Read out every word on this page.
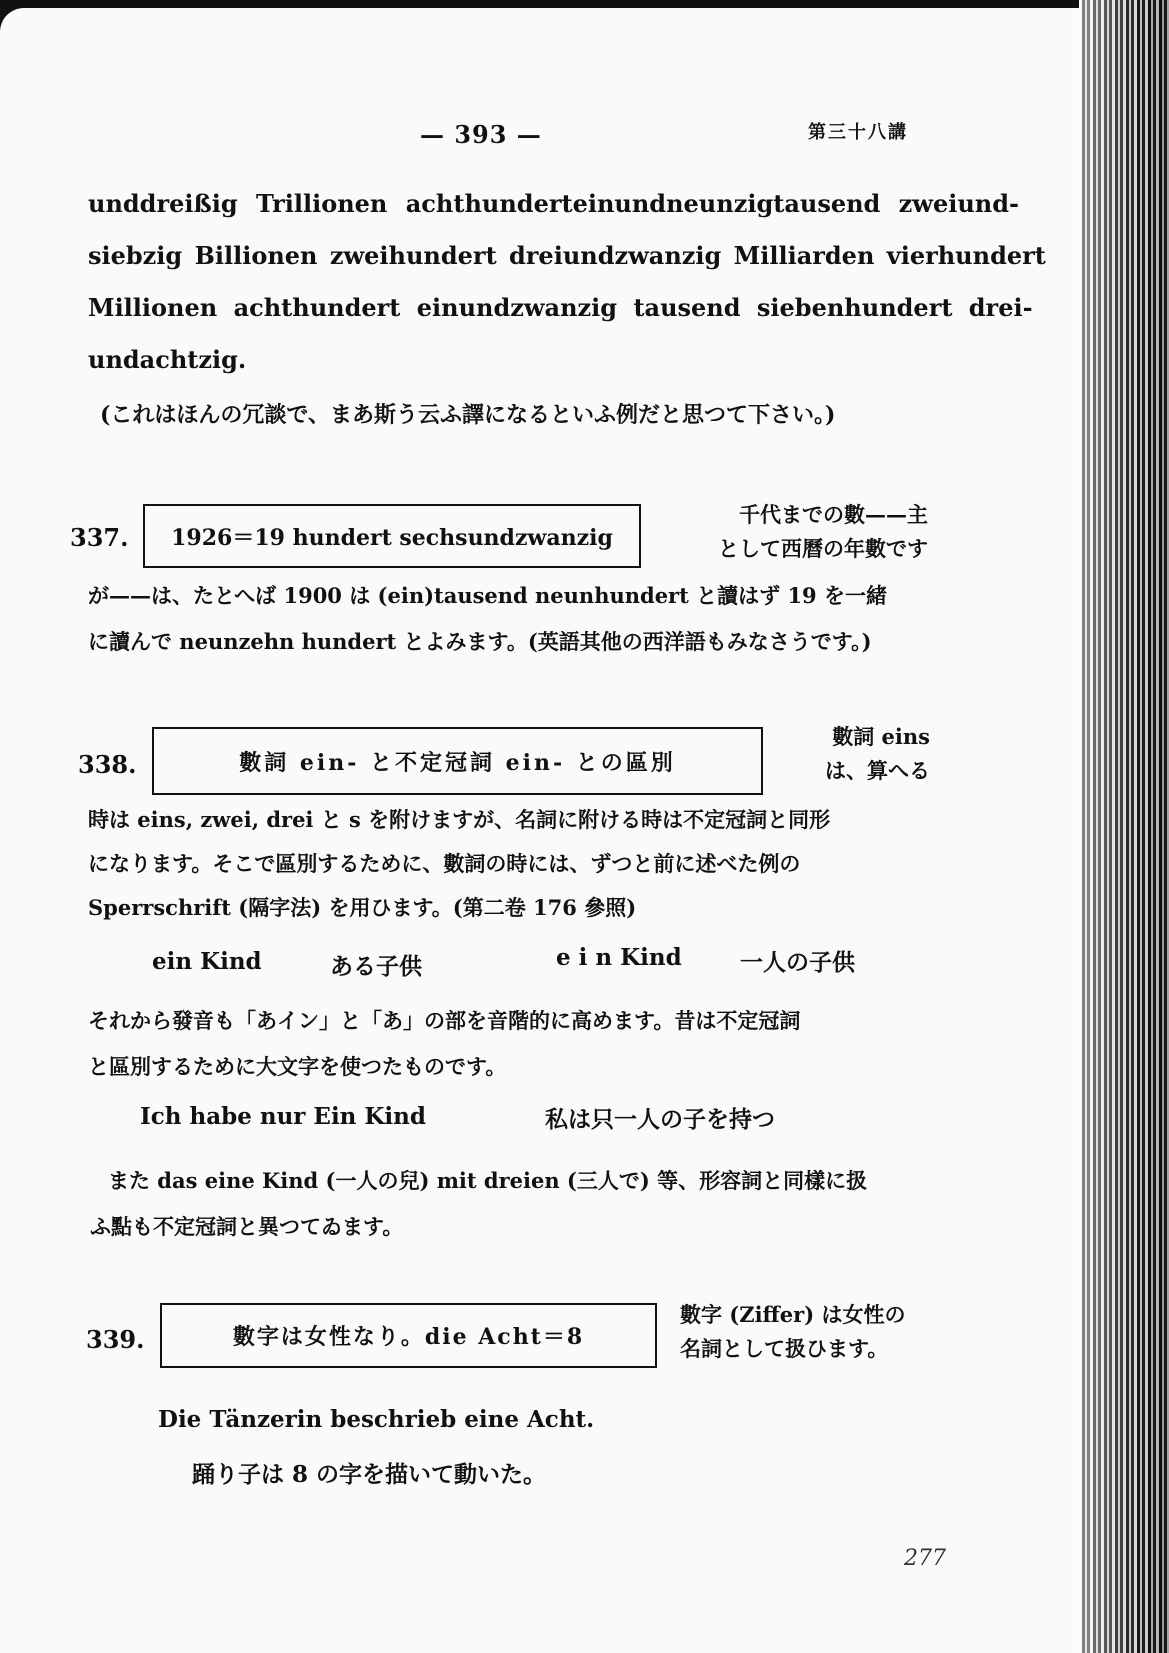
— 393 —	第三十八講
unddreißig Trillionen achthunderteinundneunzigtausend zweiund-
siebzig Billionen zweihundert dreiundzwanzig Milliarden vierhundert
Millionen achthundert einundzwanzig tausend siebenhundert drei-
undachtzig.
(これはほんの冗談で、まあ斯う云ふ譯になるといふ例だと思つて下さい。)
337.	1926＝19 hundert sechsundzwanzig
千代までの數——主
として西曆の年數です
が——は、たとへば 1900 は (ein)tausend neunhundert と讀はず 19 を一緒
に讀んで neunzehn hundert とよみます。(英語其他の西洋語もみなさうです。)
338.	數詞 ein- と不定冠詞 ein- との區別
數詞 eins
は、算へる
時は eins, zwei, drei と s を附けますが、名詞に附ける時は不定冠詞と同形
になります。そこで區別するために、數詞の時には、ずつと前に述べた例の
Sperrschrift (隔字法) を用ひます。(第二卷 176 參照)
ein Kind	ある子供	e i n Kind	一人の子供
それから發音も「あイン」と「あ」の部を音階的に高めます。昔は不定冠詞
と區別するために大文字を使つたものです。
Ich habe nur Ein Kind	私は只一人の子を持つ
また das eine Kind (一人の兒) mit dreien (三人で) 等、形容詞と同樣に扱
ふ點も不定冠詞と異つてゐます。
339.	數字は女性なり。die Acht＝8
數字 (Ziffer) は女性の
名詞として扱ひます。
Die Tänzerin beschrieb eine Acht.
踊り子は 8 の字を描いて動いた。
277
